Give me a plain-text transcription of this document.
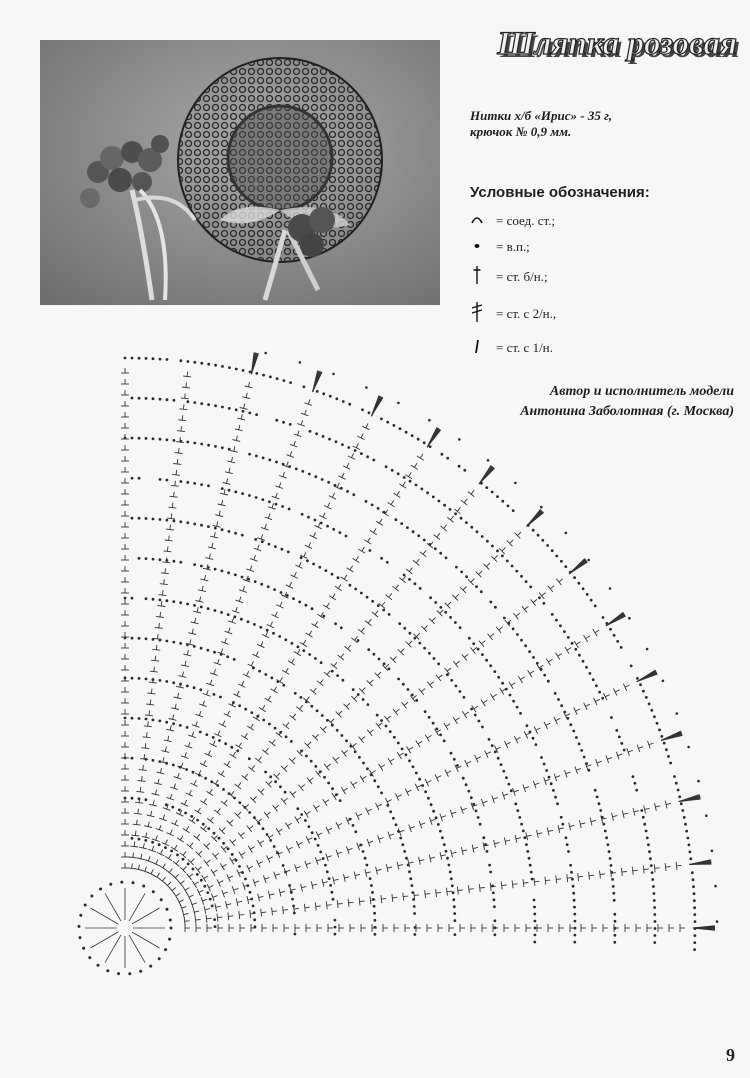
Шляпка розовая
Нитки х/б «Ирис» - 35 г,
крючок № 0,9 мм.
Условные обозначения:
= соед. ст.;
= в.п.;
= ст. б/н.;
= ст. с 2/н.,
= ст. с 1/н.
Автор и исполнитель модели
Антонина Заболотная (г. Москва)
9
